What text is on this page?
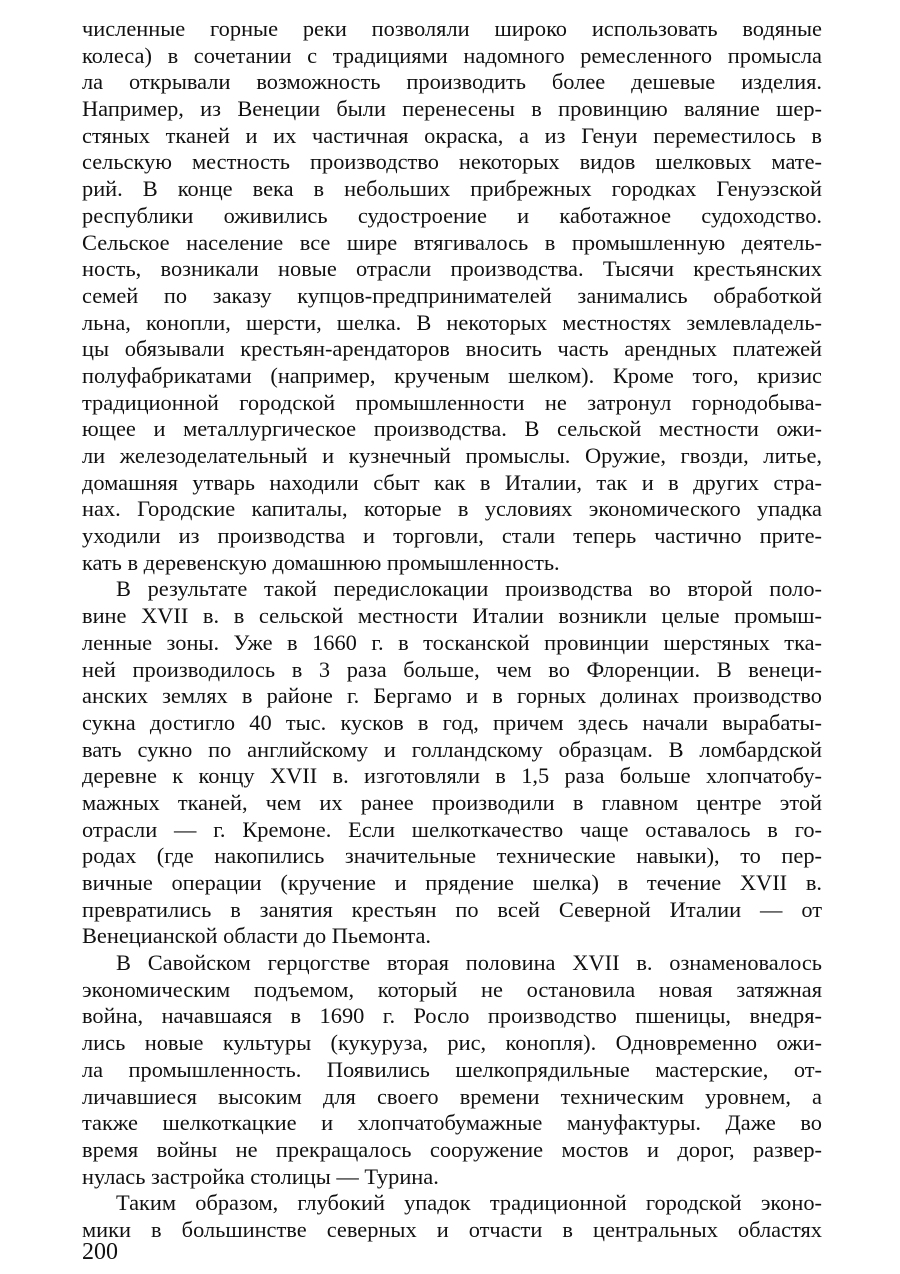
численные горные реки позволяли широко использовать водяные
колеса) в сочетании с традициями надомного ремесленного промысла
ла открывали возможность производить более дешевые изделия.
Например, из Венеции были перенесены в провинцию валяние шер-
стяных тканей и их частичная окраска, а из Генуи переместилось в
сельскую местность производство некоторых видов шелковых мате-
рий. В конце века в небольших прибрежных городках Генуэзской
республики оживились судостроение и каботажное судоходство.
Сельское население все шире втягивалось в промышленную деятель-
ность, возникали новые отрасли производства. Тысячи крестьянских
семей по заказу купцов-предпринимателей занимались обработкой
льна, конопли, шерсти, шелка. В некоторых местностях землевладель-
цы обязывали крестьян-арендаторов вносить часть арендных платежей
полуфабрикатами (например, крученым шелком). Кроме того, кризис
традиционной городской промышленности не затронул горнодобыва-
ющее и металлургическое производства. В сельской местности ожи-
ли железоделательный и кузнечный промыслы. Оружие, гвозди, литье,
домашняя утварь находили сбыт как в Италии, так и в других стра-
нах. Городские капиталы, которые в условиях экономического упадка
уходили из производства и торговли, стали теперь частично прите-
кать в деревенскую домашнюю промышленность.
В результате такой передислокации производства во второй поло-
вине XVII в. в сельской местности Италии возникли целые промыш-
ленные зоны. Уже в 1660 г. в тосканской провинции шерстяных тка-
ней производилось в 3 раза больше, чем во Флоренции. В венеци-
анских землях в районе г. Бергамо и в горных долинах производство
сукна достигло 40 тыс. кусков в год, причем здесь начали вырабаты-
вать сукно по английскому и голландскому образцам. В ломбардской
деревне к концу XVII в. изготовляли в 1,5 раза больше хлопчатобу-
мажных тканей, чем их ранее производили в главном центре этой
отрасли — г. Кремоне. Если шелкоткачество чаще оставалось в го-
родах (где накопились значительные технические навыки), то пер-
вичные операции (кручение и прядение шелка) в течение XVII в.
превратились в занятия крестьян по всей Северной Италии — от
Венецианской области до Пьемонта.
В Савойском герцогстве вторая половина XVII в. ознаменовалось
экономическим подъемом, который не остановила новая затяжная
война, начавшаяся в 1690 г. Росло производство пшеницы, внедря-
лись новые культуры (кукуруза, рис, конопля). Одновременно ожи-
ла промышленность. Появились шелкопрядильные мастерские, от-
личавшиеся высоким для своего времени техническим уровнем, а
также шелкоткацкие и хлопчатобумажные мануфактуры. Даже во
время войны не прекращалось сооружение мостов и дорог, развер-
нулась застройка столицы — Турина.
Таким образом, глубокий упадок традиционной городской эконо-
мики в большинстве северных и отчасти в центральных областях
200
